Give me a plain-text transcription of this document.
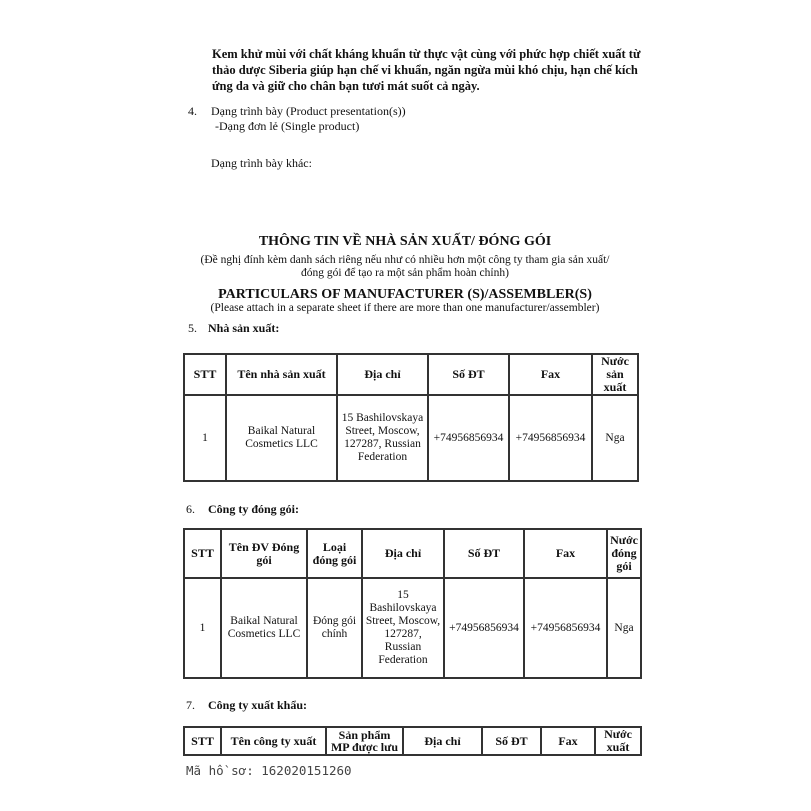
Kem khử mùi với chất kháng khuẩn từ thực vật cùng với phức hợp chiết xuất từ thảo dược Siberia giúp hạn chế vi khuẩn, ngăn ngừa mùi khó chịu, hạn chế kích ứng da và giữ cho chân bạn tươi mát suốt cả ngày.
4. Dạng trình bày (Product presentation(s))
-Dạng đơn lẻ (Single product)
Dạng trình bày khác:
THÔNG TIN VỀ NHÀ SẢN XUẤT/ ĐÓNG GÓI
(Đề nghị đính kèm danh sách riêng nếu như có nhiều hơn một công ty tham gia sản xuất/ đóng gói để tạo ra một sản phẩm hoàn chỉnh)
PARTICULARS OF MANUFACTURER (S)/ASSEMBLER(S)
(Please attach in a separate sheet if there are more than one manufacturer/assembler)
5. Nhà sản xuất:
STT	Tên nhà sản xuất	Địa chỉ	Số ĐT	Fax	Nước sản xuất
1	Baikal Natural Cosmetics LLC	15 Bashilovskaya Street, Moscow, 127287, Russian Federation	+74956856934	+74956856934	Nga
6. Công ty đóng gói:
STT	Tên ĐV Đóng gói	Loại đóng gói	Địa chỉ	Số ĐT	Fax	Nước đóng gói
1	Baikal Natural Cosmetics LLC	Đóng gói chính	15 Bashilovskaya Street, Moscow, 127287, Russian Federation	+74956856934	+74956856934	Nga
7. Công ty xuất khẩu:
STT	Tên công ty xuất	Sản phẩm MP được lưu	Địa chỉ	Số ĐT	Fax	Nước xuất
Mã hồ sơ: 162020151260
